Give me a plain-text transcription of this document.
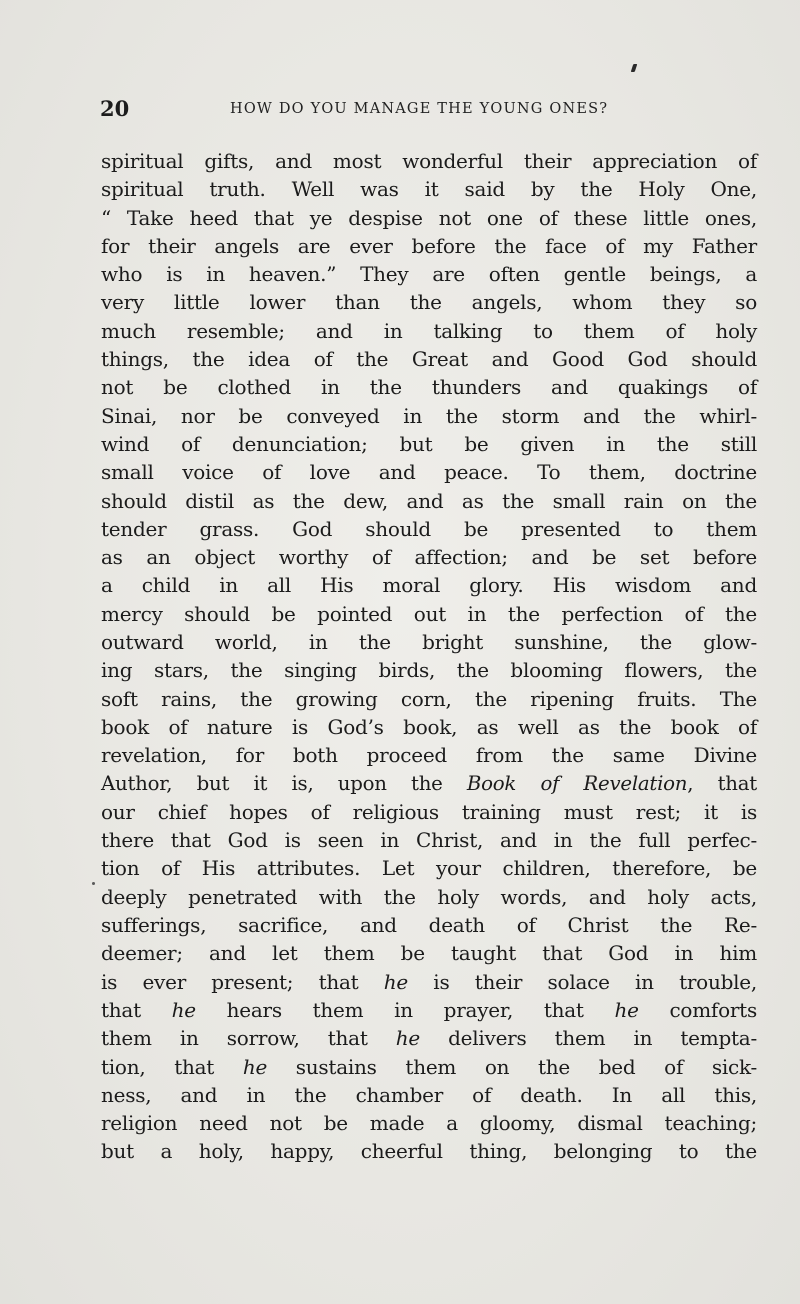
20	HOW DO YOU MANAGE THE YOUNG ONES?
spiritual gifts, and most wonderful their appreciation of
spiritual truth. Well was it said by the Holy One,
“ Take heed that ye despise not one of these little ones,
for their angels are ever before the face of my Father
who is in heaven.” They are often gentle beings, a
very little lower than the angels, whom they so
much resemble; and in talking to them of holy
things, the idea of the Great and Good God should
not be clothed in the thunders and quakings of
Sinai, nor be conveyed in the storm and the whirl-
wind of denunciation; but be given in the still
small voice of love and peace. To them, doctrine
should distil as the dew, and as the small rain on the
tender grass. God should be presented to them
as an object worthy of affection; and be set before
a child in all His moral glory. His wisdom and
mercy should be pointed out in the perfection of the
outward world, in the bright sunshine, the glow-
ing stars, the singing birds, the blooming flowers, the
soft rains, the growing corn, the ripening fruits. The
book of nature is God’s book, as well as the book of
revelation, for both proceed from the same Divine
Author, but it is, upon the Book of Revelation, that
our chief hopes of religious training must rest; it is
there that God is seen in Christ, and in the full perfec-
tion of His attributes. Let your children, therefore, be
deeply penetrated with the holy words, and holy acts,
sufferings, sacrifice, and death of Christ the Re-
deemer; and let them be taught that God in him
is ever present; that he is their solace in trouble,
that he hears them in prayer, that he comforts
them in sorrow, that he delivers them in tempta-
tion, that he sustains them on the bed of sick-
ness, and in the chamber of death. In all this,
religion need not be made a gloomy, dismal teaching;
but a holy, happy, cheerful thing, belonging to the
